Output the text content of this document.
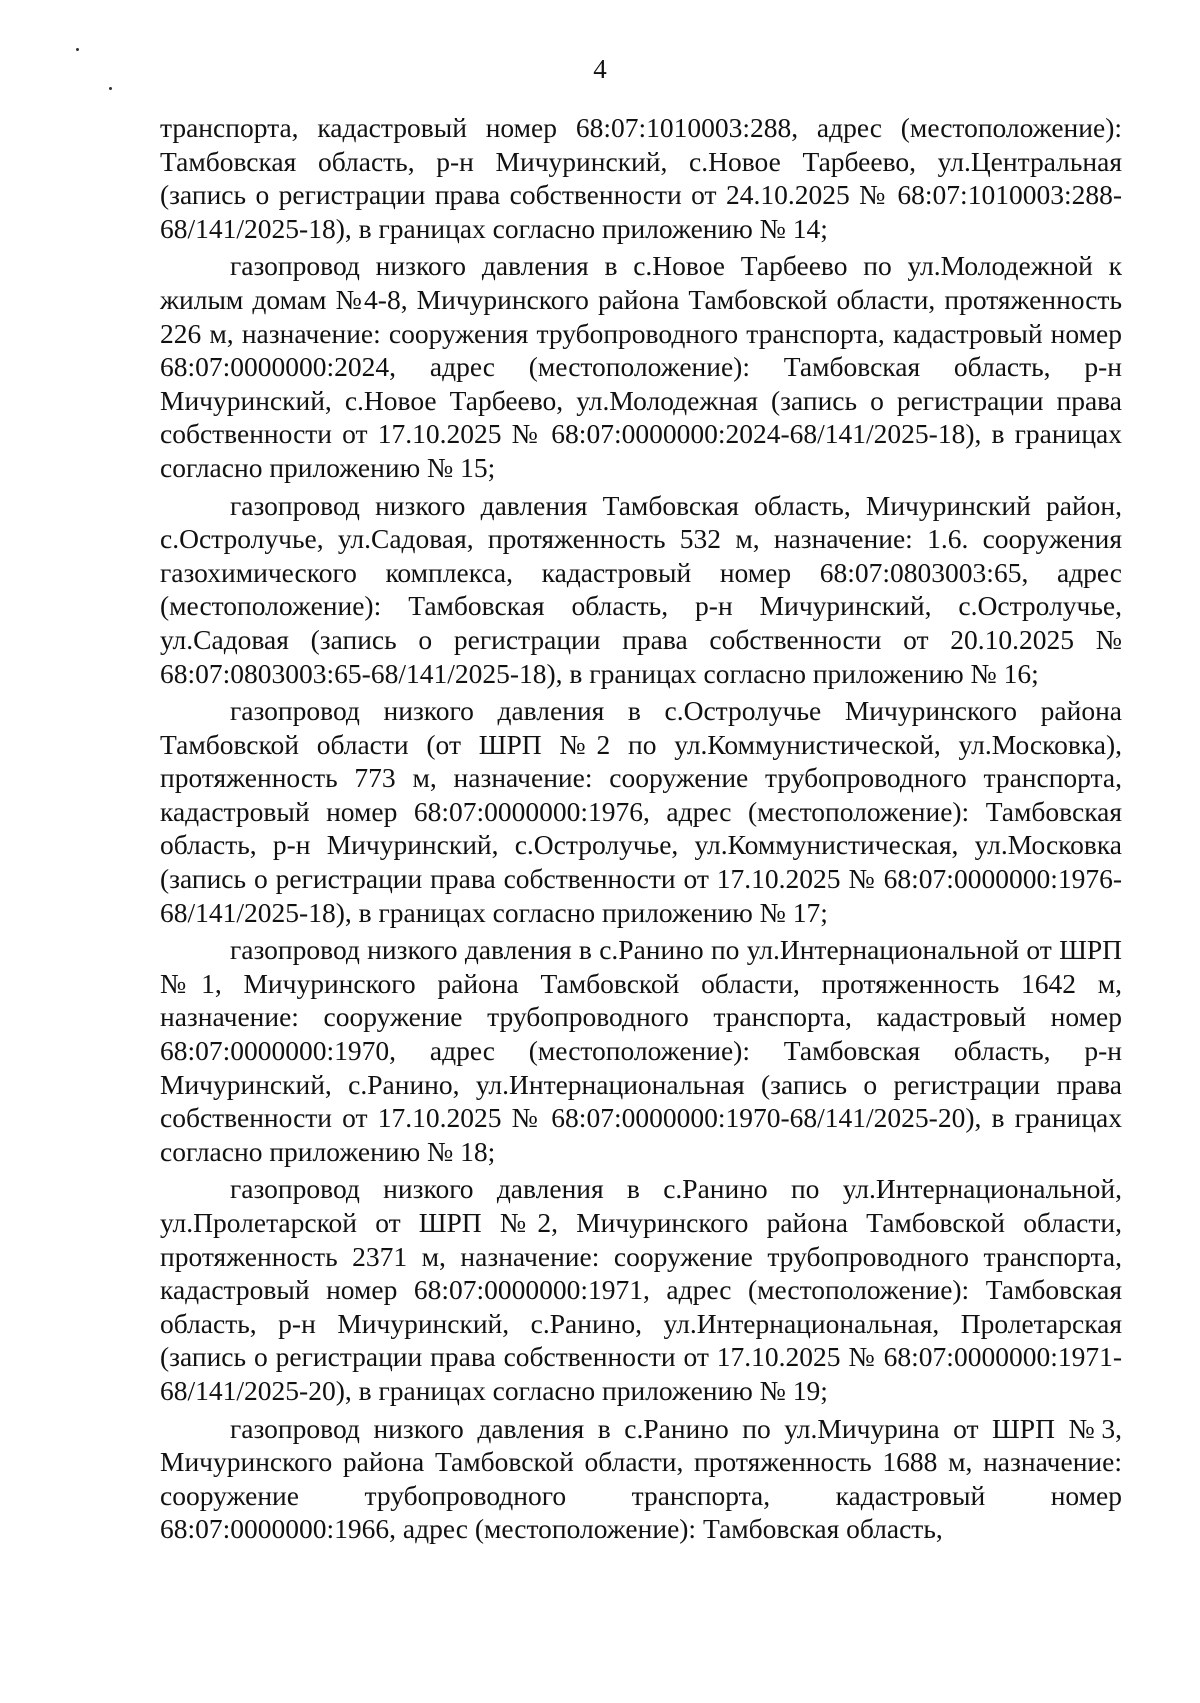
4

транспорта, кадастровый номер 68:07:1010003:288, адрес (местоположение): Тамбовская область, р-н Мичуринский, с.Новое Тарбеево, ул.Центральная (запись о регистрации права собственности от 24.10.2025 № 68:07:1010003:288-68/141/2025-18), в границах согласно приложению № 14;

газопровод низкого давления в с.Новое Тарбеево по ул.Молодежной к жилым домам №4-8, Мичуринского района Тамбовской области, протяженность 226 м, назначение: сооружения трубопроводного транспорта, кадастровый номер 68:07:0000000:2024, адрес (местоположение): Тамбовская область, р-н Мичуринский, с.Новое Тарбеево, ул.Молодежная (запись о регистрации права собственности от 17.10.2025 № 68:07:0000000:2024-68/141/2025-18), в границах согласно приложению № 15;

газопровод низкого давления Тамбовская область, Мичуринский район, с.Остролучье, ул.Садовая, протяженность 532 м, назначение: 1.6. сооружения газохимического комплекса, кадастровый номер 68:07:0803003:65, адрес (местоположение): Тамбовская область, р-н Мичуринский, с.Остролучье, ул.Садовая (запись о регистрации права собственности от 20.10.2025 № 68:07:0803003:65-68/141/2025-18), в границах согласно приложению № 16;

газопровод низкого давления в с.Остролучье Мичуринского района Тамбовской области (от ШРП №2 по ул.Коммунистической, ул.Московка), протяженность 773 м, назначение: сооружение трубопроводного транспорта, кадастровый номер 68:07:0000000:1976, адрес (местоположение): Тамбовская область, р-н Мичуринский, с.Остролучье, ул.Коммунистическая, ул.Московка (запись о регистрации права собственности от 17.10.2025 № 68:07:0000000:1976-68/141/2025-18), в границах согласно приложению № 17;

газопровод низкого давления в с.Ранино по ул.Интернациональной от ШРП №1, Мичуринского района Тамбовской области, протяженность 1642 м, назначение: сооружение трубопроводного транспорта, кадастровый номер 68:07:0000000:1970, адрес (местоположение): Тамбовская область, р-н Мичуринский, с.Ранино, ул.Интернациональная (запись о регистрации права собственности от 17.10.2025 № 68:07:0000000:1970-68/141/2025-20), в границах согласно приложению № 18;

газопровод низкого давления в с.Ранино по ул.Интернациональной, ул.Пролетарской от ШРП №2, Мичуринского района Тамбовской области, протяженность 2371 м, назначение: сооружение трубопроводного транспорта, кадастровый номер 68:07:0000000:1971, адрес (местоположение): Тамбовская область, р-н Мичуринский, с.Ранино, ул.Интернациональная, Пролетарская (запись о регистрации права собственности от 17.10.2025 № 68:07:0000000:1971-68/141/2025-20), в границах согласно приложению № 19;

газопровод низкого давления в с.Ранино по ул.Мичурина от ШРП №3, Мичуринского района Тамбовской области, протяженность 1688 м, назначение: сооружение трубопроводного транспорта, кадастровый номер 68:07:0000000:1966, адрес (местоположение): Тамбовская область,
